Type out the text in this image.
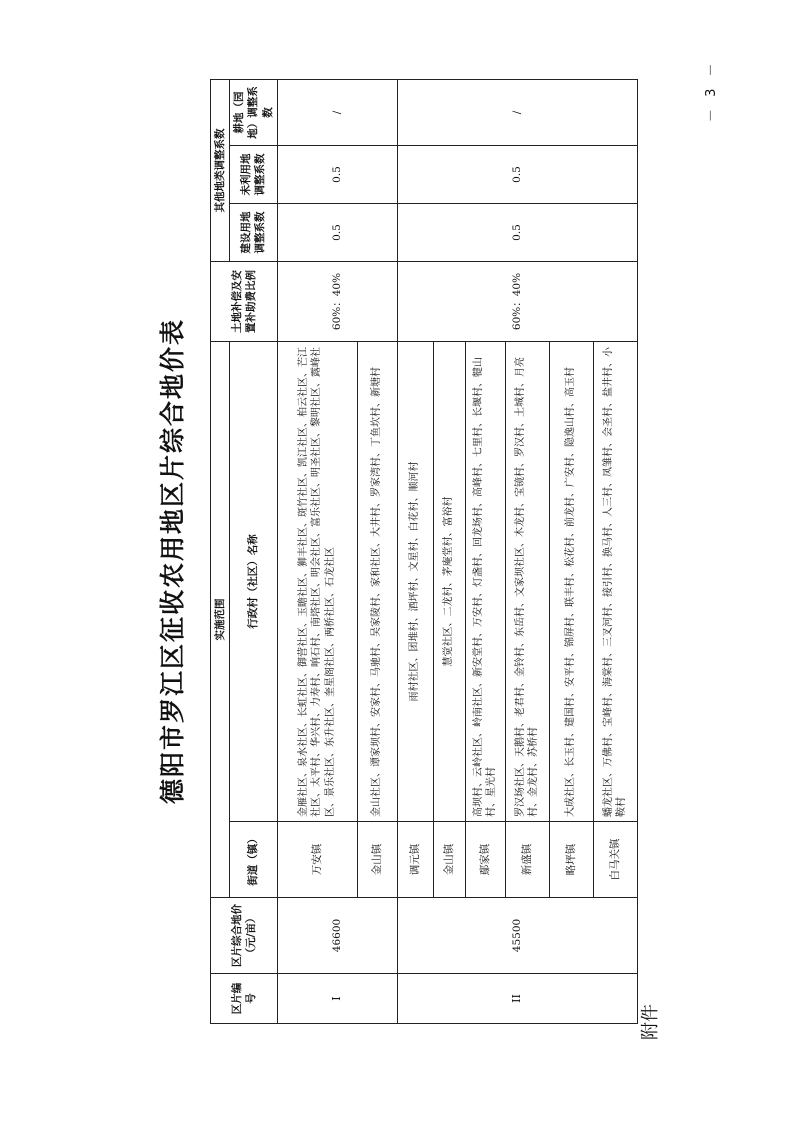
附件
德阳市罗江区征收农用地区片综合地价表
区片编号	区片综合地价（元/亩）	实施范围		土地补偿及安置补助费比例	其他地类调整系数		
		街道（镇）	行政村（社区）名称		建设用地调整系数	未利用地调整系数	耕地（园地）调整系数

I	46600	万安镇	金雁社区、泉水社区、长虹社区、御营社区、玉瞻社区、狮丰社区、斑竹社区、凯江社区、柏云社区、芒江社区、太平村、华兴村、力寿村、响石村、南塔社区、明会社区、富乐社区、明圣社区、黎明社区、露峰社区、景乐社区、东升社区、奎星阁社区、两桥社区、石龙社区	60%：40%	0.5	0.5	/
		金山镇	金山社区、谭家坝村、安家村、马驰村、吴家陵村、家和社区、大井村、罗家湾村、丁鱼坎村、新塘村				
II	45500	调元镇	雨村社区、团堆村、酒坪村、文星村、白花村、顺河村	60%：40%	0.5	0.5	/
		金山镇	慧觉社区、二龙村、茅庵堂村、富裕村				
		鄢家镇	高坝村、云岭社区、岭南社区、新安堂村、万安村、灯盏村、回龙场村、高峰村、七里村、长堰村、犍山村、星光村				
		新盛镇	罗汉场社区、天鹅村、老君村、金铃村、东岳村、文家坝社区、木龙村、宝镜村、罗汉村、土城村、月亮村、金龙村、苏桥村				
		略坪镇	大成社区、长玉村、建国村、安平村、锦屏村、联丰村、松花村、前龙村、广安村、隐逸山村、高玉村				
		白马关镇	蟠龙社区、万佛村、宝峰村、海棠村、三叉河村、接引村、换马村、人三村、凤雏村、会圣村、盐井村、小鞍村				
－ 3 －
